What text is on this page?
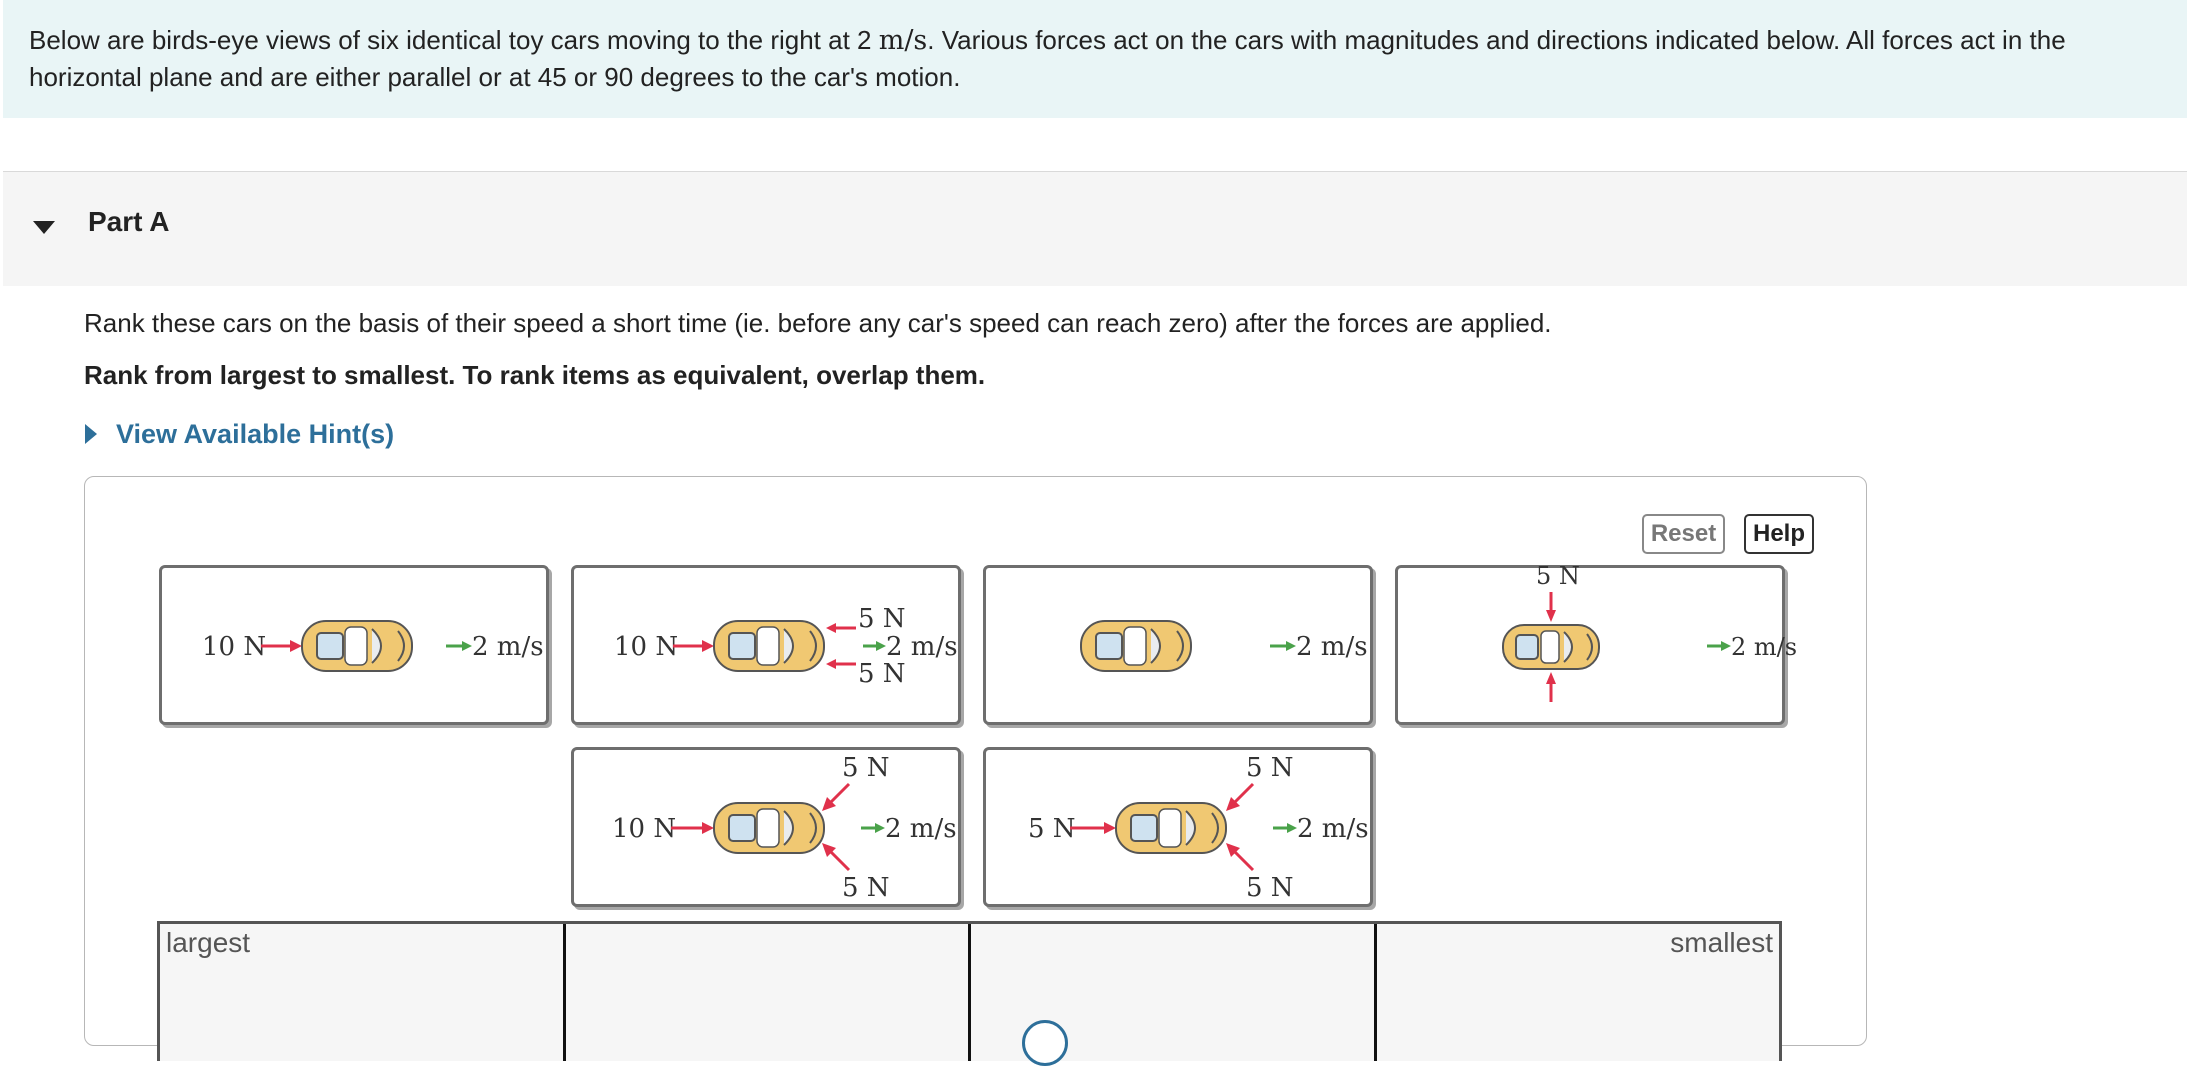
Below are birds-eye views of six identical toy cars moving to the right at 2 m/s. Various forces act on the cars with magnitudes and directions indicated below. All forces act in the horizontal plane and are either parallel or at 45 or 90 degrees to the car's motion.
Part A
Rank these cars on the basis of their speed a short time (ie. before any car's speed can reach zero) after the forces are applied.
Rank from largest to smallest. To rank items as equivalent, overlap them.
View Available Hint(s)
Reset	Help
10 N	2 m/s	10 N
5 N
2 m/s
5 N
2 m/s
5 N
2 m/s
10 N
5 N
5 N
2 m/s	5 N
5 N
5 N
2 m/s
largest	smallest
